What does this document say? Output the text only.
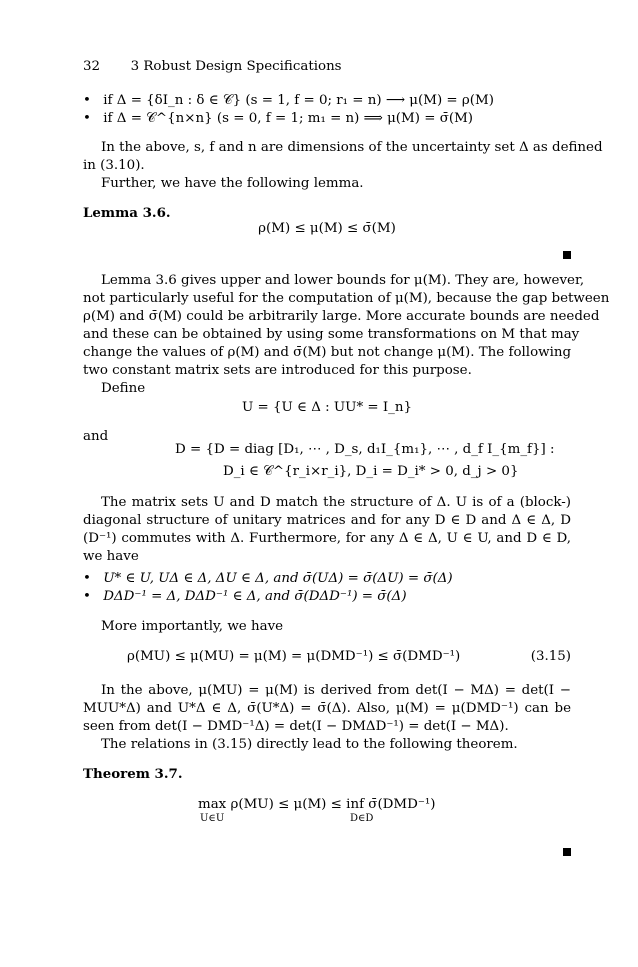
32 3 Robust Design Specifications
• if Δ = {δI_n : δ ∈ 𝒞} (s = 1, f = 0; r₁ = n) ⟶ μ(M) = ρ(M)
• if Δ = 𝒞^{n×n} (s = 0, f = 1; m₁ = n) ⟹ μ(M) = σ̄(M)
In the above, s, f and n are dimensions of the uncertainty set Δ as defined
in (3.10).
Further, we have the following lemma.
Lemma 3.6.
ρ(M) ≤ μ(M) ≤ σ̄(M)
Lemma 3.6 gives upper and lower bounds for μ(M). They are, however,
not particularly useful for the computation of μ(M), because the gap between
ρ(M) and σ̄(M) could be arbitrarily large. More accurate bounds are needed
and these can be obtained by using some transformations on M that may
change the values of ρ(M) and σ̄(M) but not change μ(M). The following
two constant matrix sets are introduced for this purpose.
Define
U = {U ∈ Δ : UU* = I_n}
and
D = {D = diag [D₁, ⋯ , D_s, d₁I_{m₁}, ⋯ , d_f I_{m_f}] :
D_i ∈ 𝒞^{r_i×r_i}, D_i = D_i* > 0, d_j > 0}
The matrix sets U and D match the structure of Δ. U is of a (block-)
diagonal structure of unitary matrices and for any D ∈ D and Δ ∈ Δ, D
(D⁻¹) commutes with Δ. Furthermore, for any Δ ∈ Δ, U ∈ U, and D ∈ D,
we have
• U* ∈ U, UΔ ∈ Δ, ΔU ∈ Δ, and σ̄(UΔ) = σ̄(ΔU) = σ̄(Δ)
• DΔD⁻¹ = Δ, DΔD⁻¹ ∈ Δ, and σ̄(DΔD⁻¹) = σ̄(Δ)
More importantly, we have
ρ(MU) ≤ μ(MU) = μ(M) = μ(DMD⁻¹) ≤ σ̄(DMD⁻¹)	(3.15)
In the above, μ(MU) = μ(M) is derived from det(I − MΔ) = det(I −
MUU*Δ) and U*Δ ∈ Δ, σ̄(U*Δ) = σ̄(Δ). Also, μ(M) = μ(DMD⁻¹) can be
seen from det(I − DMD⁻¹Δ) = det(I − DMΔD⁻¹) = det(I − MΔ).
The relations in (3.15) directly lead to the following theorem.
Theorem 3.7.
max ρ(MU) ≤ μ(M) ≤ inf σ̄(DMD⁻¹)
U∈U	D∈D
